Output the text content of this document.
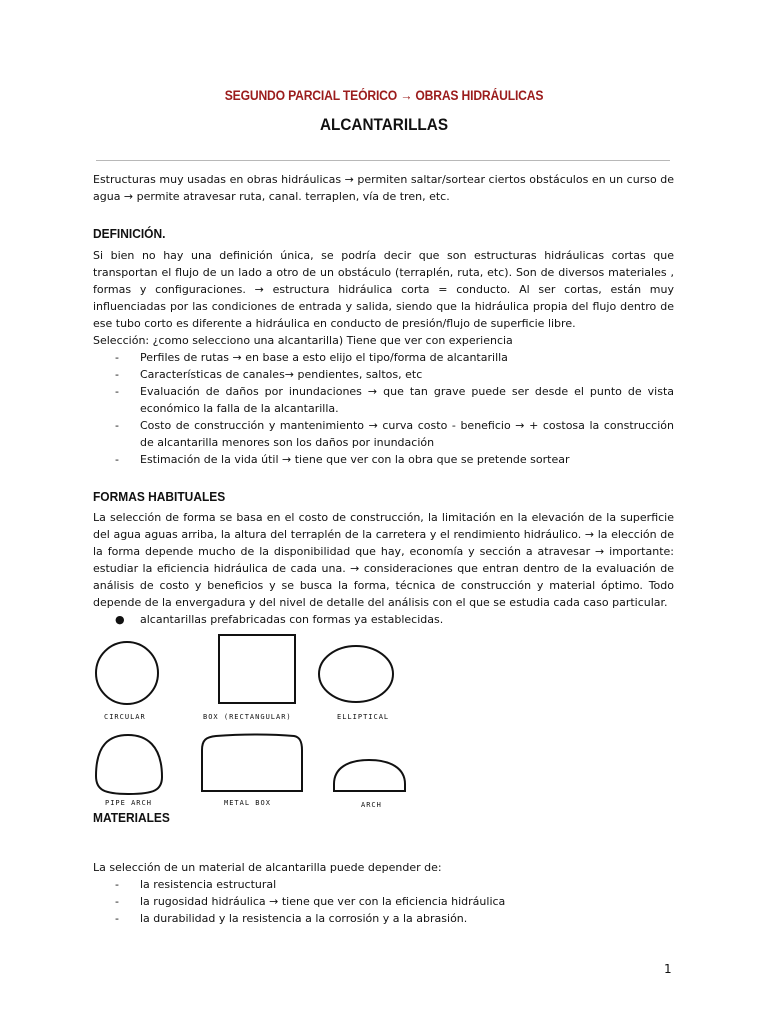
SEGUNDO PARCIAL TEÓRICO → OBRAS HIDRÁULICAS
ALCANTARILLAS

Estructuras muy usadas en obras hidráulicas → permiten saltar/sortear ciertos obstáculos en un curso de agua → permite atravesar ruta, canal. terraplen, vía de tren, etc.

DEFINICIÓN.

Si bien no hay una definición única, se podría decir que son estructuras hidráulicas cortas que transportan el flujo de un lado a otro de un obstáculo (terraplén, ruta, etc). Son de diversos materiales , formas y configuraciones. → estructura hidráulica corta = conducto. Al ser cortas, están muy influenciadas por las condiciones de entrada y salida, siendo que la hidráulica propia del flujo dentro de ese tubo corto es diferente a hidráulica en conducto de presión/flujo de superficie libre.

Selección: ¿como selecciono una alcantarilla) Tiene que ver con experiencia

- Perfiles de rutas → en base a esto elijo el tipo/forma de alcantarilla
- Características de canales→ pendientes, saltos, etc
- Evaluación de daños por inundaciones → que tan grave puede ser desde el punto de vista económico la falla de la alcantarilla.
- Costo de construcción y mantenimiento → curva costo - beneficio → + costosa la construcción de alcantarilla menores son los daños por inundación
- Estimación de la vida útil → tiene que ver con la obra que se pretende sortear
FORMAS HABITUALES

La selección de forma se basa en el costo de construcción, la limitación en la elevación de la superficie del agua aguas arriba, la altura del terraplén de la carretera y el rendimiento hidráulico. → la elección de la forma depende mucho de la disponibilidad que hay, economía y sección a atravesar → importante: estudiar la eficiencia hidráulica de cada una. → consideraciones que entran dentro de la evaluación de análisis de costo y beneficios y se busca la forma, técnica de construcción y material óptimo. Todo depende de la envergadura y del nivel de detalle del análisis con el que se estudia cada caso particular.

● alcantarillas prefabricadas con formas ya establecidas.
CIRCULAR	BOX (RECTANGULAR)	ELLIPTICAL
PIPE ARCH	METAL BOX	ARCH
MATERIALES

La selección de un material de alcantarilla puede depender de:

- la resistencia estructural
- la rugosidad hidráulica → tiene que ver con la eficiencia hidráulica
- la durabilidad y la resistencia a la corrosión y a la abrasión.
1
